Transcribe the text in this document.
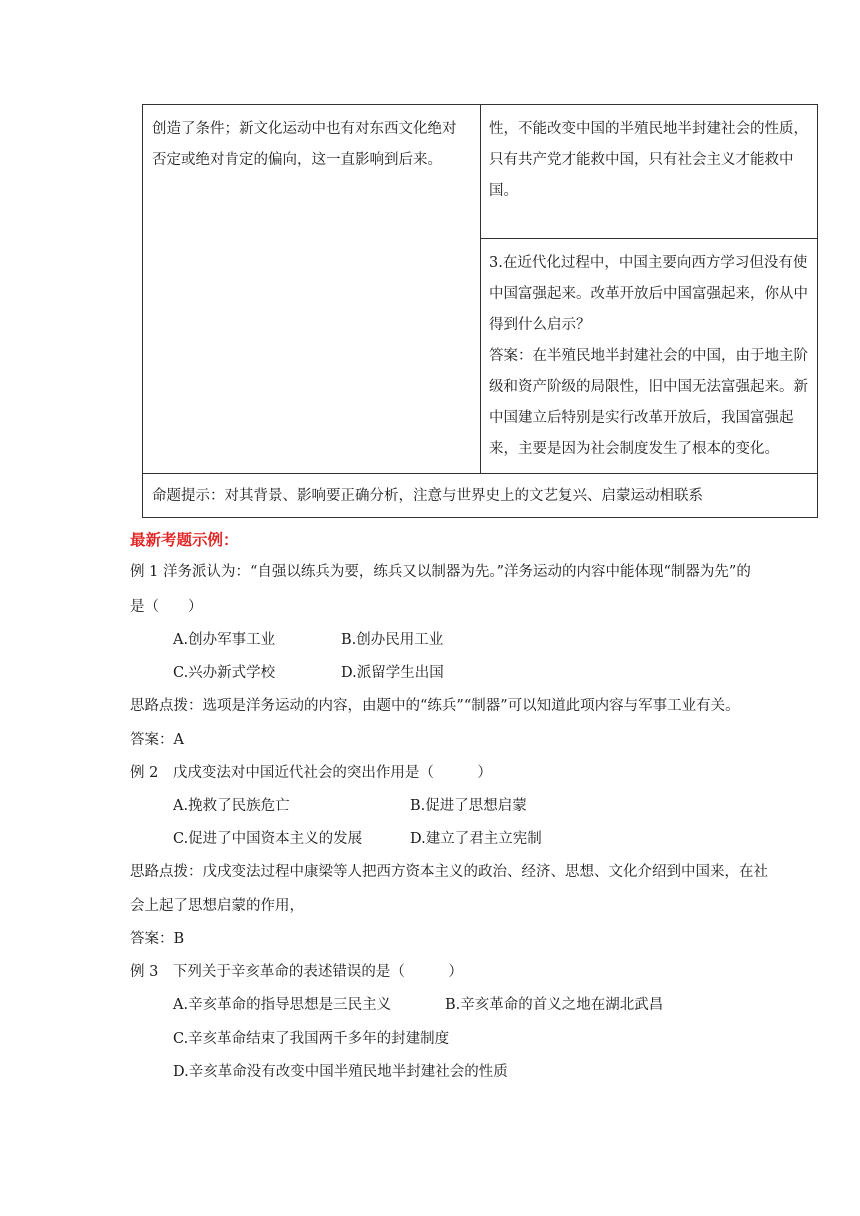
创造了条件；新文化运动中也有对东西文化绝对否定或绝对肯定的偏向，这一直影响到后来。

性，不能改变中国的半殖民地半封建社会的性质，只有共产党才能救中国，只有社会主义才能救中国。

3.在近代化过程中，中国主要向西方学习但没有使中国富强起来。改革开放后中国富强起来，你从中得到什么启示？
答案：在半殖民地半封建社会的中国，由于地主阶级和资产阶级的局限性，旧中国无法富强起来。新中国建立后特别是实行改革开放后，我国富强起来，主要是因为社会制度发生了根本的变化。

命题提示：对其背景、影响要正确分析，注意与世界史上的文艺复兴、启蒙运动相联系

最新考题示例：
例 1 洋务派认为：“自强以练兵为要，练兵又以制器为先。”洋务运动的内容中能体现“制器为先”的
是（　　）
A.创办军事工业	B.创办民用工业
C.兴办新式学校	D.派留学生出国
思路点拨：选项是洋务运动的内容，由题中的“练兵”“制器”可以知道此项内容与军事工业有关。
答案：A
例 2　戊戌变法对中国近代社会的突出作用是（　　　）
A.挽救了民族危亡	B.促进了思想启蒙
C.促进了中国资本主义的发展	D.建立了君主立宪制
思路点拨：戊戌变法过程中康梁等人把西方资本主义的政治、经济、思想、文化介绍到中国来，在社
会上起了思想启蒙的作用，
答案：B
例 3　下列关于辛亥革命的表述错误的是（　　　）
A.辛亥革命的指导思想是三民主义	B.辛亥革命的首义之地在湖北武昌
C.辛亥革命结束了我国两千多年的封建制度
D.辛亥革命没有改变中国半殖民地半封建社会的性质
